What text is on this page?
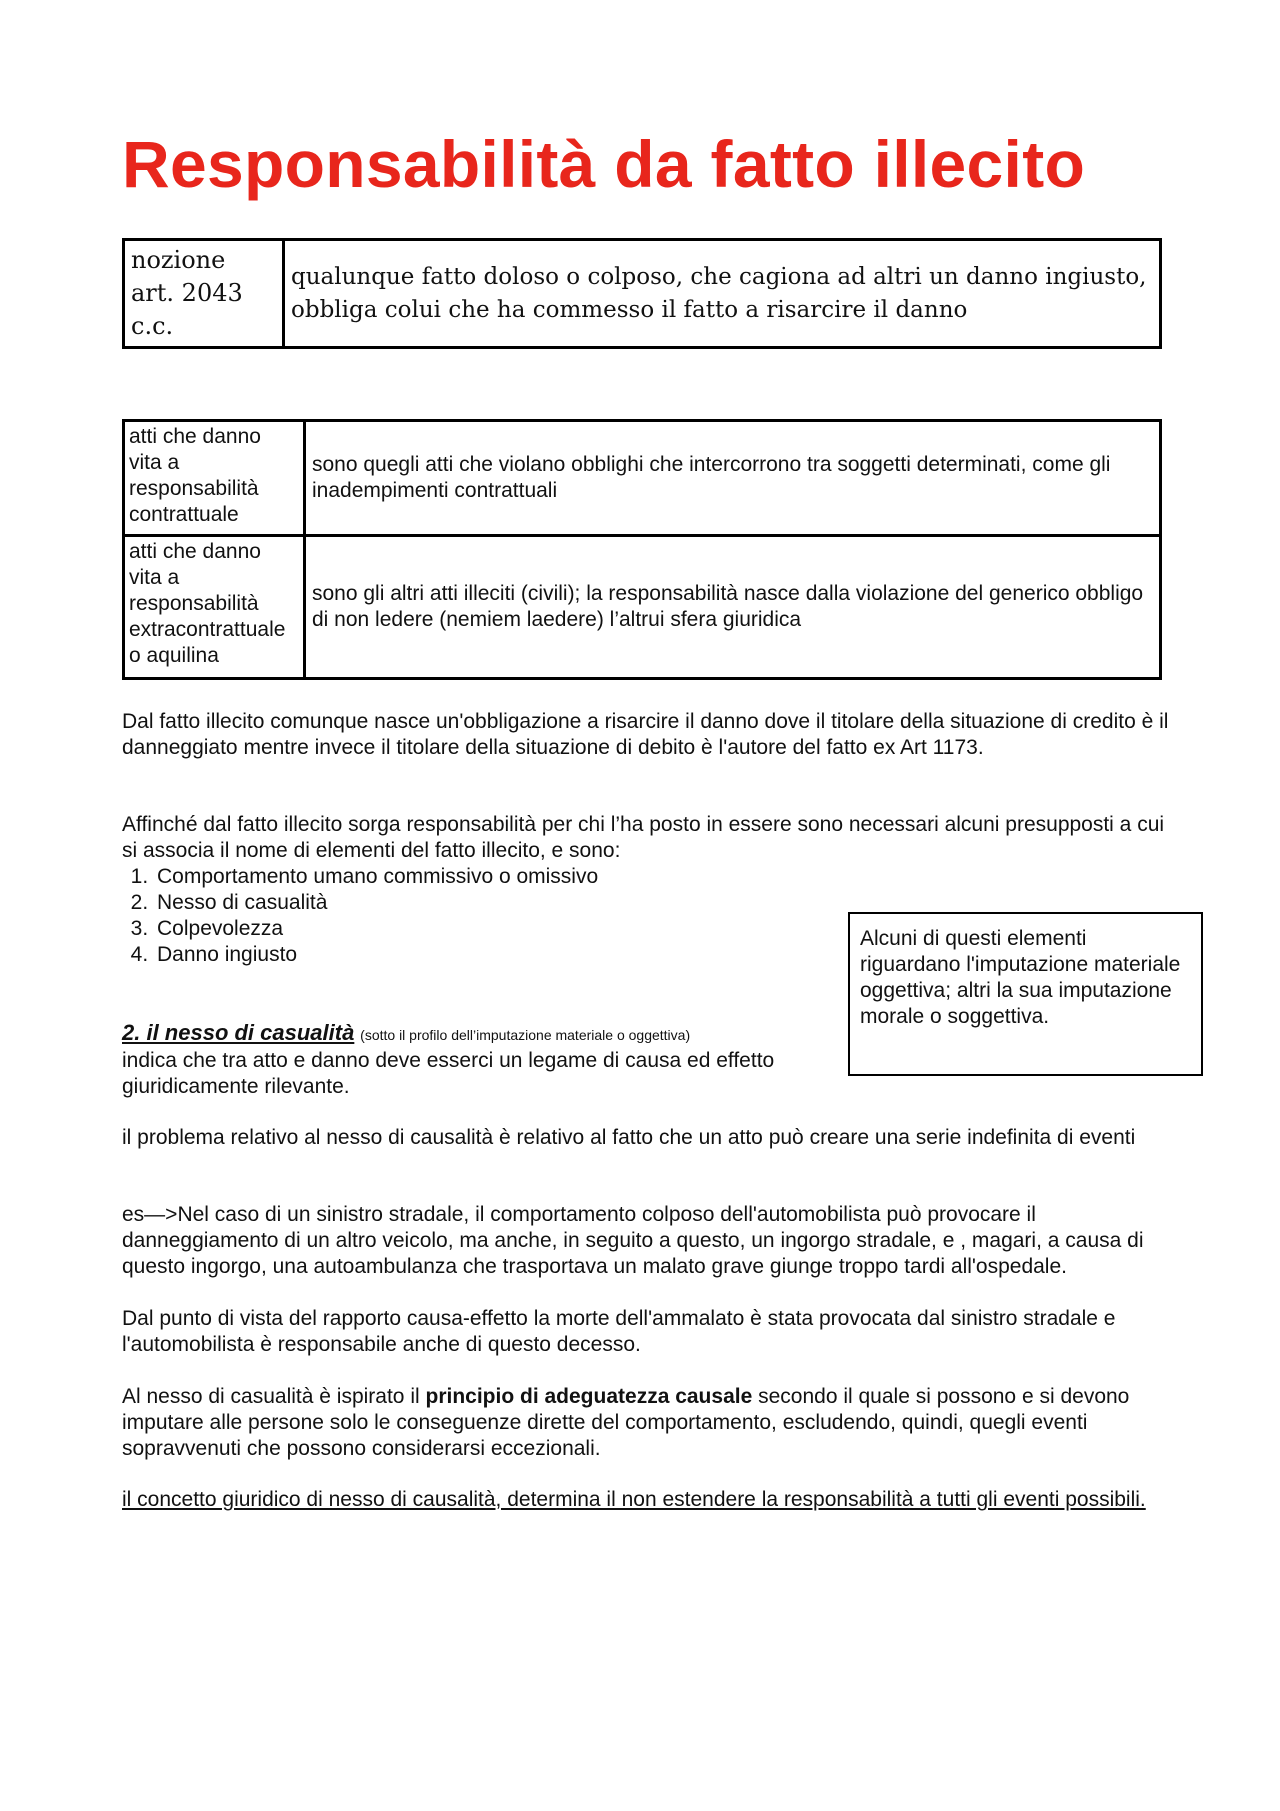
Responsabilità da fatto illecito
nozione art. 2043 c.c.	qualunque fatto doloso o colposo, che cagiona ad altri un danno ingiusto, obbliga colui che ha commesso il fatto a risarcire il danno
atti che danno vita a responsabilità contrattuale	sono quegli atti che violano obblighi che intercorrono tra soggetti determinati, come gli inadempimenti contrattuali
atti che danno vita a responsabilità extracontrattuale o aquilina	sono gli altri atti illeciti (civili); la responsabilità nasce dalla violazione del generico obbligo di non ledere (nemiem laedere) l’altrui sfera giuridica

Dal fatto illecito comunque nasce un'obbligazione a risarcire il danno dove il titolare della situazione di credito è il danneggiato mentre invece il titolare della situazione di debito è l'autore del fatto ex Art 1173.

Affinché dal fatto illecito sorga responsabilità per chi l’ha posto in essere sono necessari alcuni presupposti a cui si associa il nome di elementi del fatto illecito, e sono:

1. Comportamento umano commissivo o omissivo
2. Nesso di casualità
3. Colpevolezza
4. Danno ingiusto
Alcuni di questi elementi riguardano l'imputazione materiale oggettiva; altri la sua imputazione morale o soggettiva.
2. il nesso di casualità (sotto il profilo dell’imputazione materiale o oggettiva)
indica che tra atto e danno deve esserci un legame di causa ed effetto giuridicamente rilevante.

il problema relativo al nesso di causalità è relativo al fatto che un atto può creare una serie indefinita di eventi

es—>Nel caso di un sinistro stradale, il comportamento colposo dell'automobilista può provocare il danneggiamento di un altro veicolo, ma anche, in seguito a questo, un ingorgo stradale, e , magari, a causa di questo ingorgo, una autoambulanza che trasportava un malato grave giunge troppo tardi all'ospedale.

Dal punto di vista del rapporto causa-effetto la morte dell'ammalato è stata provocata dal sinistro stradale e l'automobilista è responsabile anche di questo decesso.

Al nesso di casualità è ispirato il principio di adeguatezza causale secondo il quale si possono e si devono imputare alle persone solo le conseguenze dirette del comportamento, escludendo, quindi, quegli eventi sopravvenuti che possono considerarsi eccezionali.

il concetto giuridico di nesso di causalità, determina il non estendere la responsabilità a tutti gli eventi possibili.
